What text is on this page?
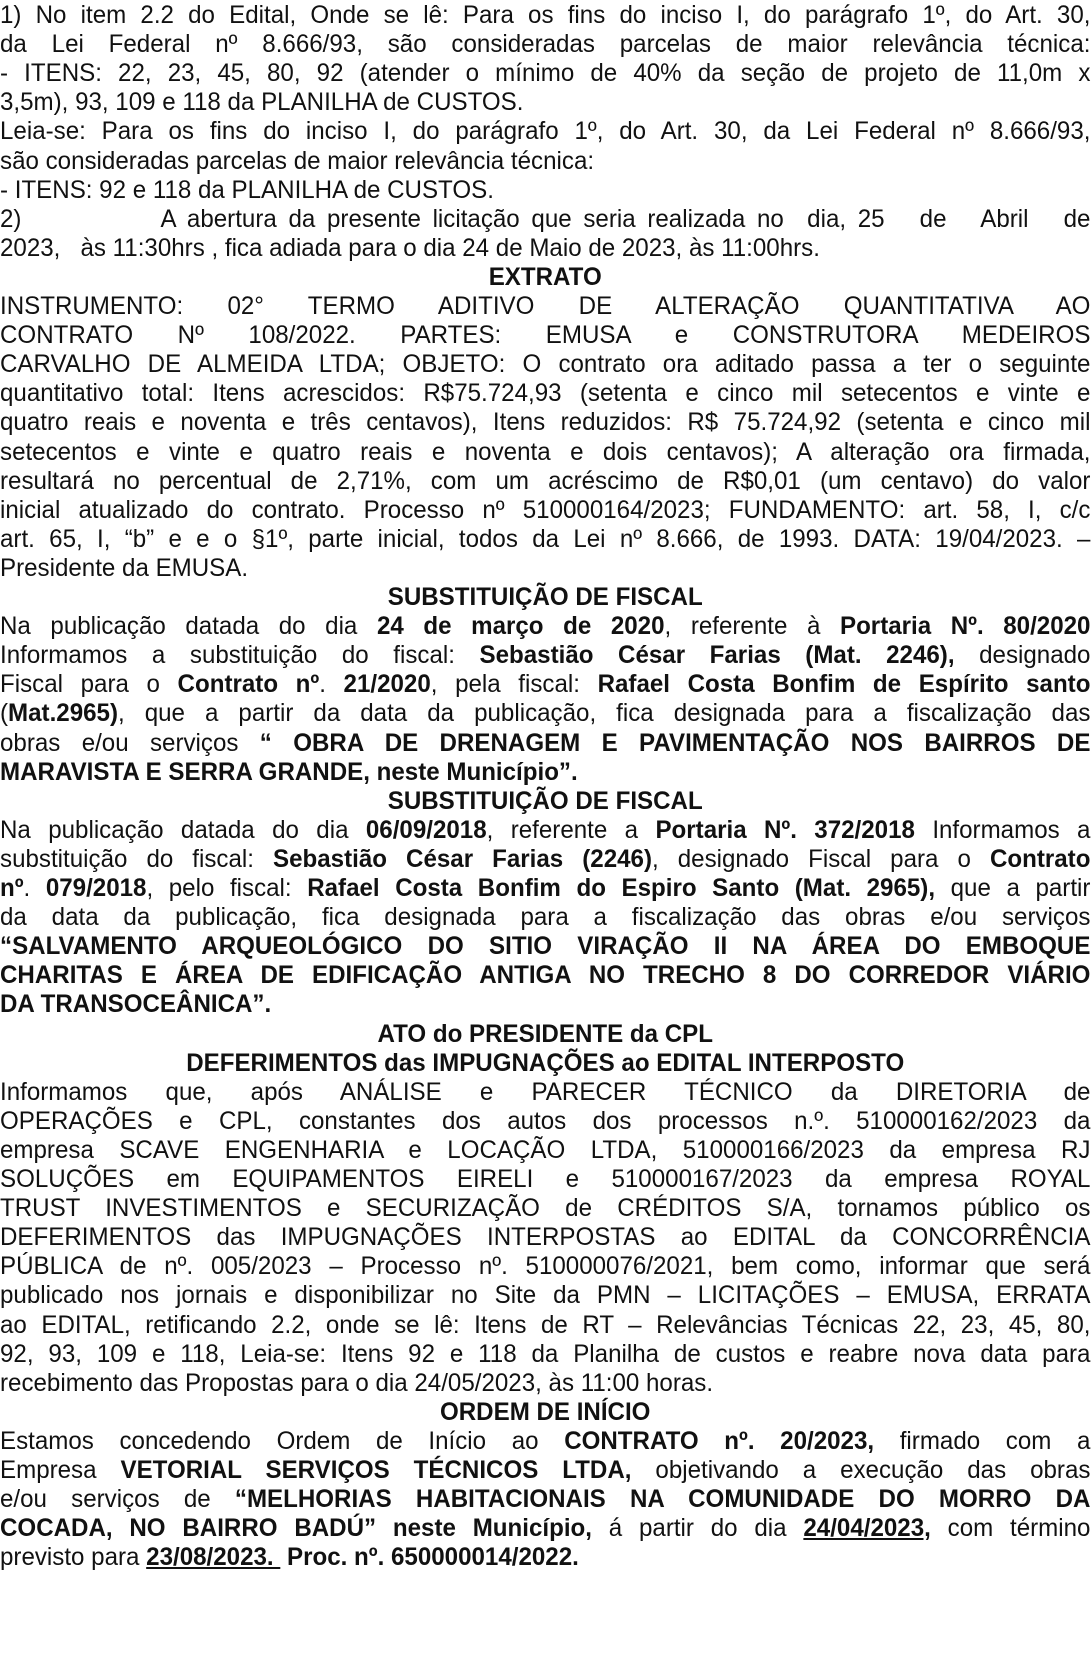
1) No item 2.2 do Edital, Onde se lê: Para os fins do inciso I, do parágrafo 1º, do Art. 30,
da Lei Federal nº 8.666/93, são consideradas parcelas de maior relevância técnica:
- ITENS: 22, 23, 45, 80, 92 (atender o mínimo de 40% da seção de projeto de 11,0m x
3,5m), 93, 109 e 118 da PLANILHA de CUSTOS.
Leia-se: Para os fins do inciso I, do parágrafo 1º, do Art. 30, da Lei Federal nº 8.666/93,
são consideradas parcelas de maior relevância técnica:
- ITENS: 92 e 118 da PLANILHA de CUSTOS.
2)            A abertura da presente licitação que seria realizada no  dia, 25   de   Abril   de
2023,   às 11:30hrs , fica adiada para o dia 24 de Maio de 2023, às 11:00hrs.
EXTRATO
INSTRUMENTO: 02° TERMO ADITIVO DE ALTERAÇÃO QUANTITATIVA AO
CONTRATO Nº 108/2022. PARTES: EMUSA e CONSTRUTORA MEDEIROS
CARVALHO DE ALMEIDA LTDA; OBJETO: O contrato ora aditado passa a ter o seguinte
quantitativo total: Itens acrescidos: R$75.724,93 (setenta e cinco mil setecentos e vinte e
quatro reais e noventa e três centavos), Itens reduzidos: R$ 75.724,92 (setenta e cinco mil
setecentos e vinte e quatro reais e noventa e dois centavos); A alteração ora firmada,
resultará no percentual de 2,71%, com um acréscimo de R$0,01 (um centavo) do valor
inicial atualizado do contrato. Processo nº 510000164/2023; FUNDAMENTO: art. 58, I, c/c
art. 65, I, “b” e e o §1º, parte inicial, todos da Lei nº 8.666, de 1993. DATA: 19/04/2023. –
Presidente da EMUSA.
SUBSTITUIÇÃO DE FISCAL
Na publicação datada do dia 24 de março de 2020, referente à Portaria Nº. 80/2020
Informamos a substituição do fiscal: Sebastião César Farias (Mat. 2246), designado
Fiscal para o Contrato nº. 21/2020, pela fiscal: Rafael Costa Bonfim de Espírito santo
(Mat.2965), que a partir da data da publicação, fica designada para a fiscalização das
obras e/ou serviços “ OBRA DE DRENAGEM E PAVIMENTAÇÃO NOS BAIRROS DE
MARAVISTA E SERRA GRANDE, neste Município”.
SUBSTITUIÇÃO DE FISCAL
Na publicação datada do dia 06/09/2018, referente a Portaria Nº. 372/2018 Informamos a
substituição do fiscal: Sebastião César Farias (2246), designado Fiscal para o Contrato
nº. 079/2018, pelo fiscal: Rafael Costa Bonfim do Espiro Santo (Mat. 2965), que a partir
da data da publicação, fica designada para a fiscalização das obras e/ou serviços
“SALVAMENTO ARQUEOLÓGICO DO SITIO VIRAÇÃO II NA ÁREA DO EMBOQUE
CHARITAS E ÁREA DE EDIFICAÇÃO ANTIGA NO TRECHO 8 DO CORREDOR VIÁRIO
DA TRANSOCEÂNICA”.
ATO do PRESIDENTE da CPL
DEFERIMENTOS das IMPUGNAÇÕES ao EDITAL INTERPOSTO
Informamos que, após ANÁLISE e PARECER TÉCNICO da DIRETORIA de
OPERAÇÕES e CPL, constantes dos autos dos processos n.º. 510000162/2023 da
empresa SCAVE ENGENHARIA e LOCAÇÃO LTDA, 510000166/2023 da empresa RJ
SOLUÇÕES em EQUIPAMENTOS EIRELI e 510000167/2023 da empresa ROYAL
TRUST INVESTIMENTOS e SECURIZAÇÃO de CRÉDITOS S/A, tornamos público os
DEFERIMENTOS das IMPUGNAÇÕES INTERPOSTAS ao EDITAL da CONCORRÊNCIA
PÚBLICA de nº. 005/2023 – Processo nº. 510000076/2021, bem como, informar que será
publicado nos jornais e disponibilizar no Site da PMN – LICITAÇÕES – EMUSA, ERRATA
ao EDITAL, retificando 2.2, onde se lê: Itens de RT – Relevâncias Técnicas 22, 23, 45, 80,
92, 93, 109 e 118, Leia-se: Itens 92 e 118 da Planilha de custos e reabre nova data para
recebimento das Propostas para o dia 24/05/2023, às 11:00 horas.
ORDEM DE INÍCIO
Estamos concedendo Ordem de Início ao CONTRATO nº. 20/2023, firmado com a
Empresa VETORIAL SERVIÇOS TÉCNICOS LTDA, objetivando a execução das obras
e/ou serviços de “MELHORIAS HABITACIONAIS NA COMUNIDADE DO MORRO DA
COCADA, NO BAIRRO BADÚ” neste Município, á partir do dia 24/04/2023, com término
previsto para 23/08/2023.  Proc. nº. 650000014/2022.
